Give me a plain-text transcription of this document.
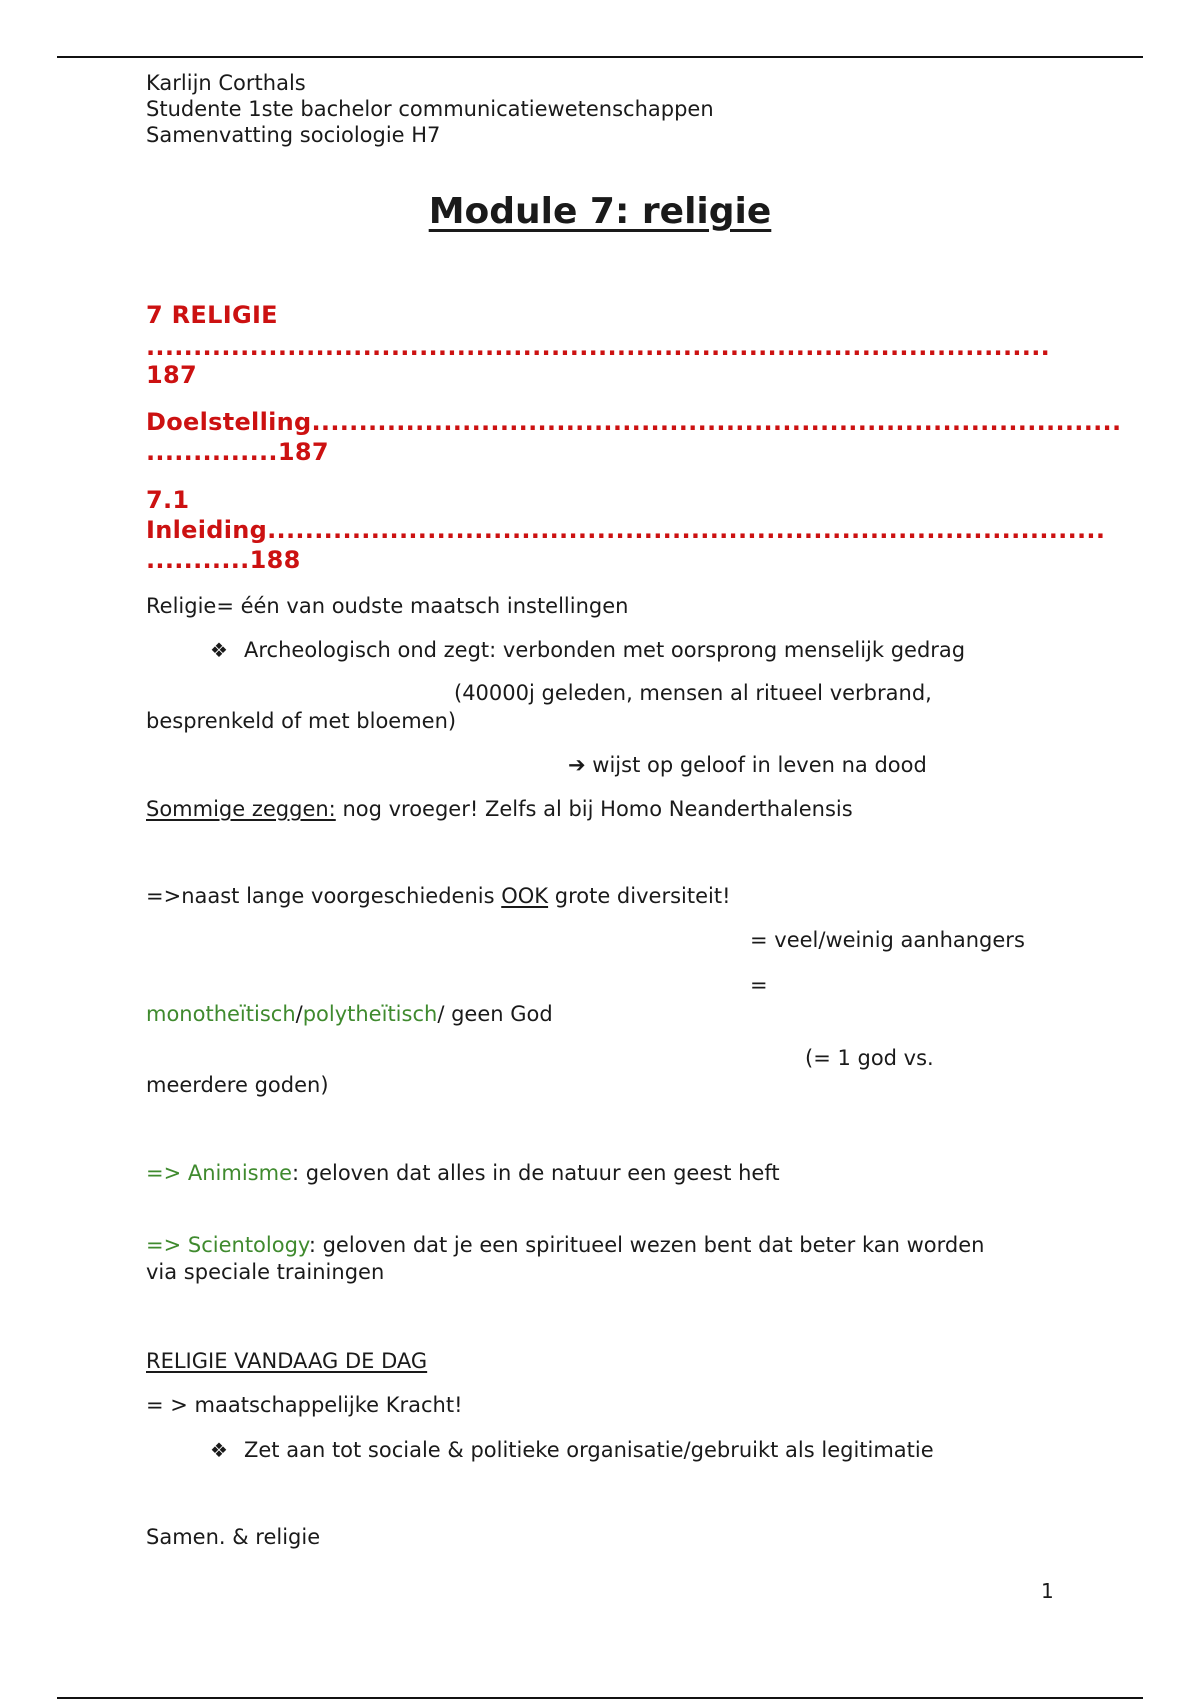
Karlijn Corthals
Studente 1ste bachelor communicatiewetenschappen
Samenvatting sociologie H7
Module 7: religie
7 RELIGIE
................................................................................................
187
Doelstelling......................................................................................
..............187
7.1
Inleiding.........................................................................................
...........188
Religie= één van oudste maatsch instellingen
❖ Archeologisch ond zegt: verbonden met oorsprong menselijk gedrag
(40000j geleden, mensen al ritueel verbrand,
besprenkeld of met bloemen)
➔ wijst op geloof in leven na dood
Sommige zeggen: nog vroeger! Zelfs al bij Homo Neanderthalensis
=>naast lange voorgeschiedenis OOK grote diversiteit!
= veel/weinig aanhangers
=
monotheïtisch/polytheïtisch/ geen God
(= 1 god vs.
meerdere goden)
=> Animisme: geloven dat alles in de natuur een geest heft
=> Scientology: geloven dat je een spiritueel wezen bent dat beter kan worden
via speciale trainingen
RELIGIE VANDAAG DE DAG
= > maatschappelijke Kracht!
❖ Zet aan tot sociale & politieke organisatie/gebruikt als legitimatie
Samen. & religie
1
